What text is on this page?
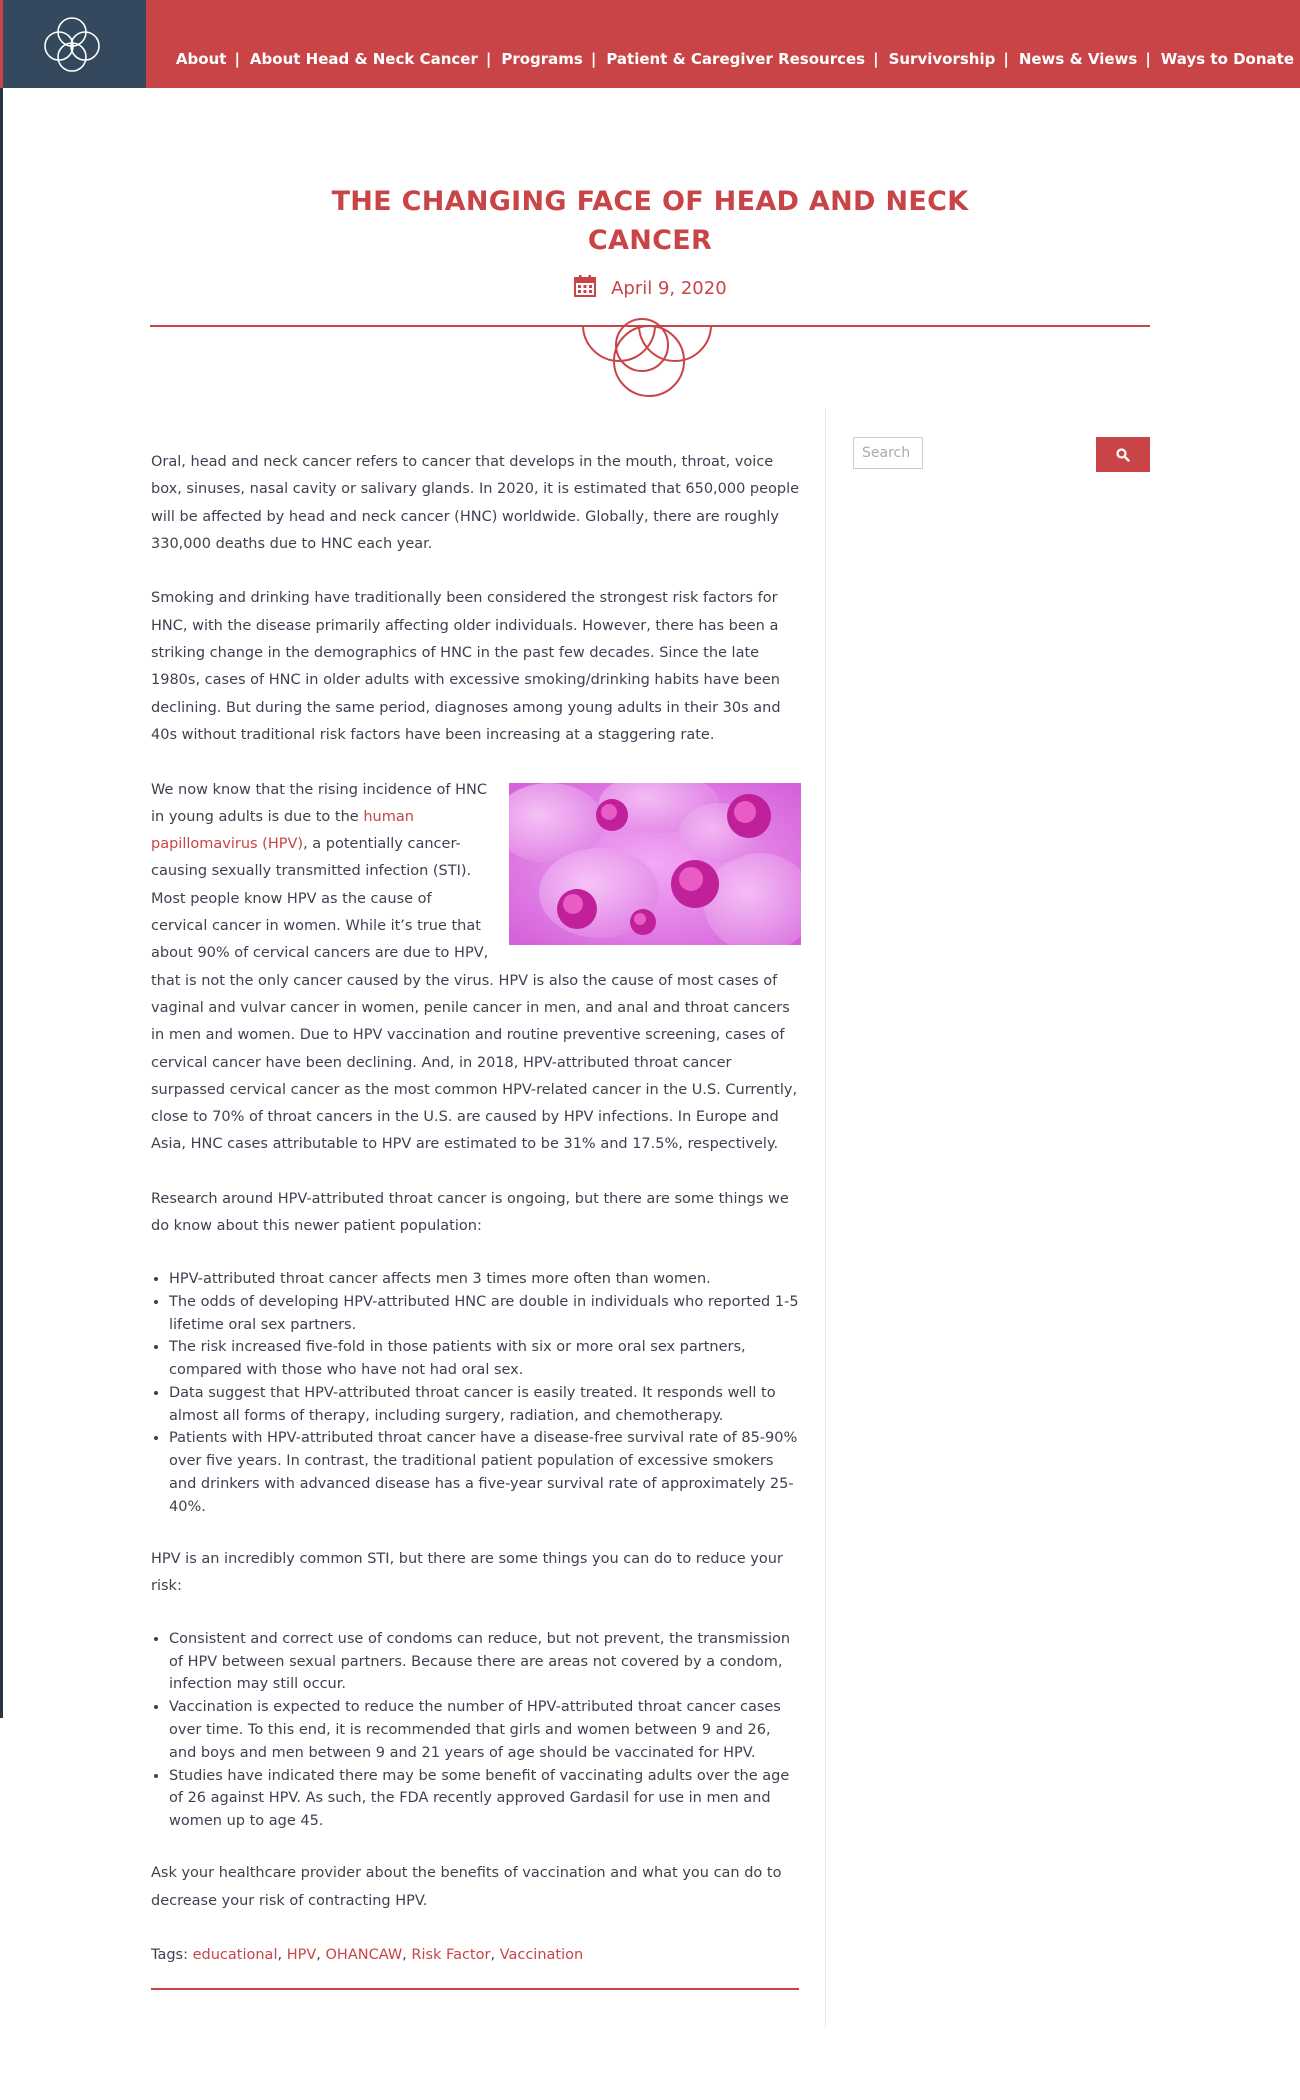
About | About Head & Neck Cancer | Programs | Patient & Caregiver Resources | Survivorship | News & Views | Ways to Donate
THE CHANGING FACE OF HEAD AND NECK
CANCER
April 9, 2020

Oral, head and neck cancer refers to cancer that develops in the mouth, throat, voice box, sinuses, nasal cavity or salivary glands. In 2020, it is estimated that 650,000 people will be affected by head and neck cancer (HNC) worldwide. Globally, there are roughly 330,000 deaths due to HNC each year.

Smoking and drinking have traditionally been considered the strongest risk factors for HNC, with the disease primarily affecting older individuals. However, there has been a striking change in the demographics of HNC in the past few decades. Since the late 1980s, cases of HNC in older adults with excessive smoking/drinking habits have been declining. But during the same period, diagnoses among young adults in their 30s and 40s without traditional risk factors have been increasing at a staggering rate.

We now know that the rising incidence of HNC in young adults is due to the human papillomavirus (HPV), a potentially cancer-causing sexually transmitted infection (STI). Most people know HPV as the cause of cervical cancer in women. While it’s true that about 90% of cervical cancers are due to HPV, that is not the only cancer caused by the virus. HPV is also the cause of most cases of vaginal and vulvar cancer in women, penile cancer in men, and anal and throat cancers in men and women. Due to HPV vaccination and routine preventive screening, cases of cervical cancer have been declining. And, in 2018, HPV-attributed throat cancer surpassed cervical cancer as the most common HPV-related cancer in the U.S. Currently, close to 70% of throat cancers in the U.S. are caused by HPV infections. In Europe and Asia, HNC cases attributable to HPV are estimated to be 31% and 17.5%, respectively.

Research around HPV-attributed throat cancer is ongoing, but there are some things we do know about this newer patient population:

• HPV-attributed throat cancer affects men 3 times more often than women.
• The odds of developing HPV-attributed HNC are double in individuals who reported 1-5 lifetime oral sex partners.
• The risk increased five-fold in those patients with six or more oral sex partners, compared with those who have not had oral sex.
• Data suggest that HPV-attributed throat cancer is easily treated. It responds well to almost all forms of therapy, including surgery, radiation, and chemotherapy.
• Patients with HPV-attributed throat cancer have a disease-free survival rate of 85-90% over five years. In contrast, the traditional patient population of excessive smokers and drinkers with advanced disease has a five-year survival rate of approximately 25-40%.

HPV is an incredibly common STI, but there are some things you can do to reduce your risk:

• Consistent and correct use of condoms can reduce, but not prevent, the transmission of HPV between sexual partners. Because there are areas not covered by a condom, infection may still occur.
• Vaccination is expected to reduce the number of HPV-attributed throat cancer cases over time. To this end, it is recommended that girls and women between 9 and 26, and boys and men between 9 and 21 years of age should be vaccinated for HPV.
• Studies have indicated there may be some benefit of vaccinating adults over the age of 26 against HPV. As such, the FDA recently approved Gardasil for use in men and women up to age 45.

Ask your healthcare provider about the benefits of vaccination and what you can do to decrease your risk of contracting HPV.

Tags: educational, HPV, OHANCAW, Risk Factor, Vaccination
Search
